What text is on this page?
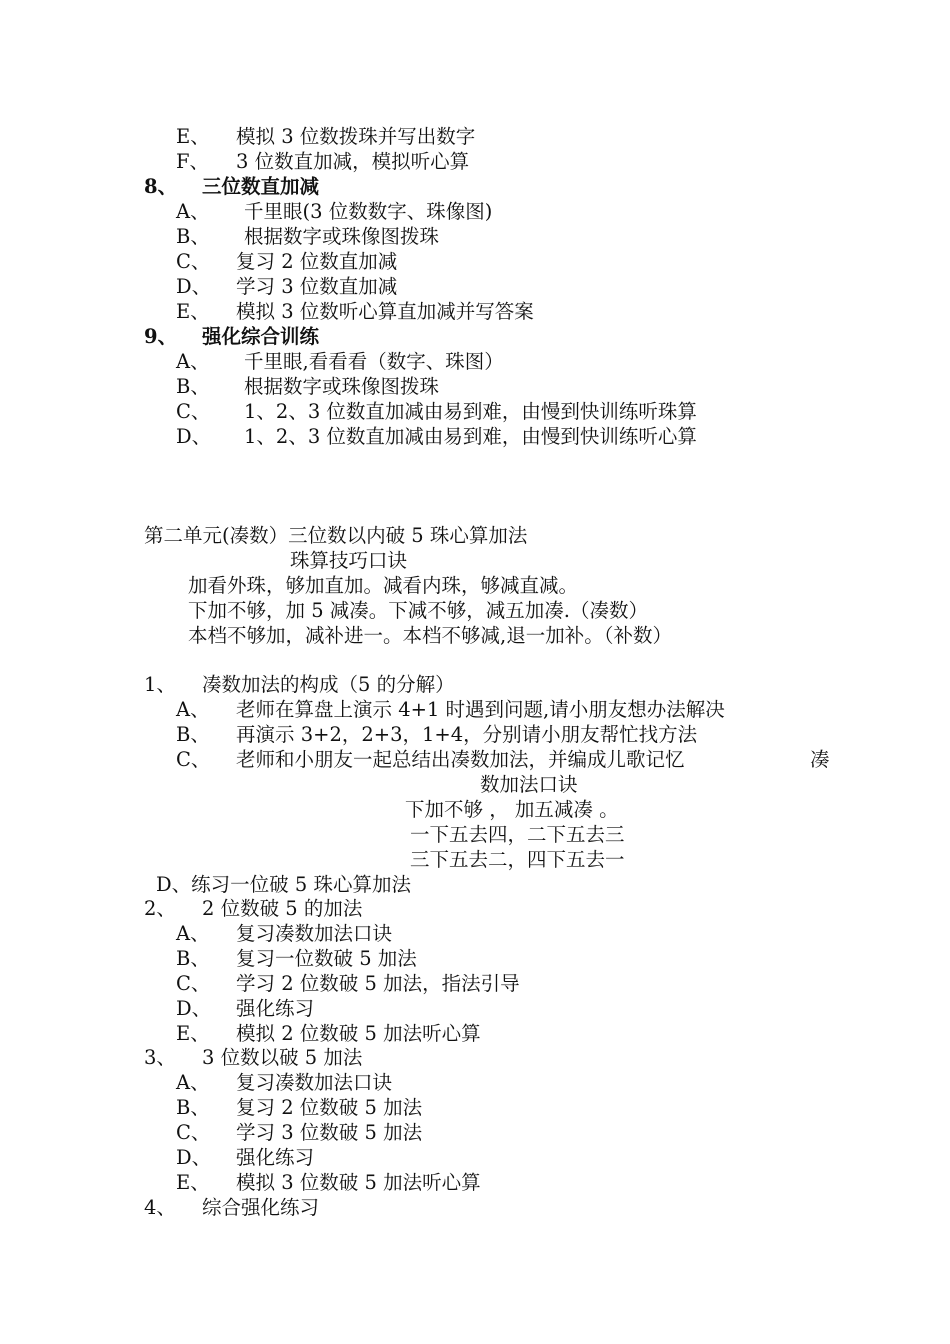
E、 模拟 3 位数拨珠并写出数字
F、 3 位数直加减，模拟听心算
8、 三位数直加减
A、 千里眼(3 位数数字、珠像图)
B、 根据数字或珠像图拨珠
C、 复习 2 位数直加减
D、 学习 3 位数直加减
E、 模拟 3 位数听心算直加减并写答案
9、 强化综合训练
A、 千里眼,看看看（数字、珠图）
B、 根据数字或珠像图拨珠
C、 1、2、3 位数直加减由易到难，由慢到快训练听珠算
D、 1、2、3 位数直加减由易到难，由慢到快训练听心算
第二单元(凑数）三位数以内破 5 珠心算加法
珠算技巧口诀
加看外珠，够加直加。减看内珠，够减直减。
下加不够，加 5 减凑。下减不够，减五加凑.（凑数）
本档不够加，减补进一。本档不够减,退一加补。（补数）
1、 凑数加法的构成（5 的分解）
A、 老师在算盘上演示 4+1 时遇到问题,请小朋友想办法解决
B、 再演示 3+2，2+3，1+4，分别请小朋友帮忙找方法
C、 老师和小朋友一起总结出凑数加法，并编成儿歌记忆	凑
数加法口诀
下加不够 ， 加五减凑 。
一下五去四，二下五去三
三下五去二，四下五去一
D、练习一位破 5 珠心算加法
2、 2 位数破 5 的加法
A、 复习凑数加法口诀
B、 复习一位数破 5 加法
C、 学习 2 位数破 5 加法，指法引导
D、 强化练习
E、 模拟 2 位数破 5 加法听心算
3、 3 位数以破 5 加法
A、 复习凑数加法口诀
B、 复习 2 位数破 5 加法
C、 学习 3 位数破 5 加法
D、 强化练习
E、 模拟 3 位数破 5 加法听心算
4、 综合强化练习
